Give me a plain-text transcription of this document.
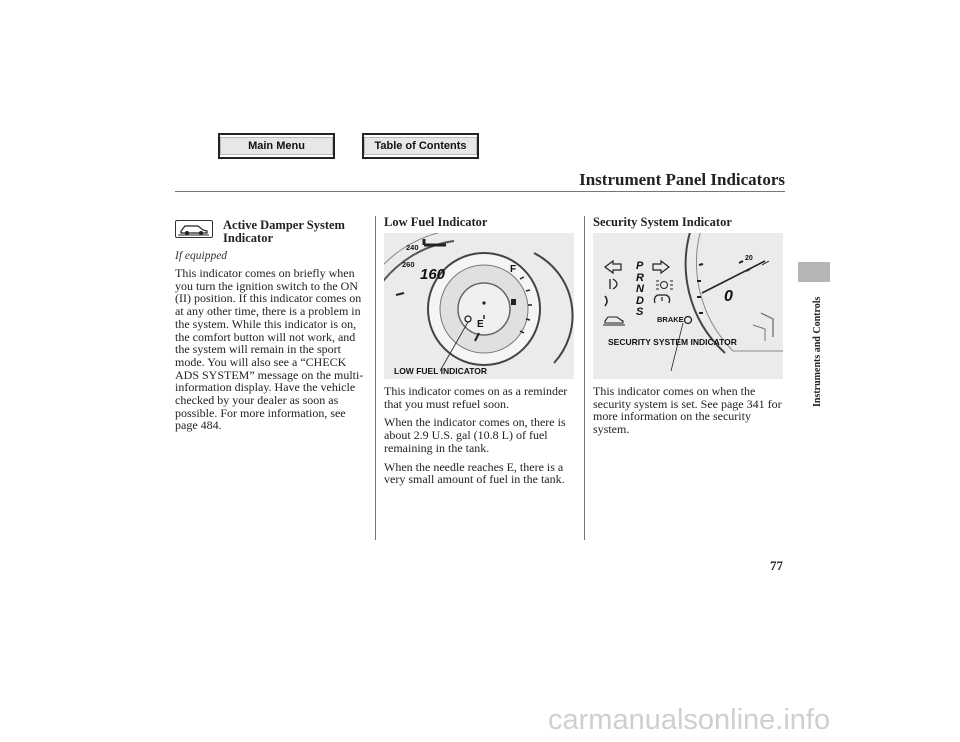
Main Menu	Table of Contents
Instrument Panel Indicators
Instruments and Controls
Active Damper System Indicator
If equipped

This indicator comes on briefly when you turn the ignition switch to the ON (II) position. If this indicator comes on at any other time, there is a problem in the system. While this indicator is on, the comfort button will not work, and the system will remain in the sport mode. You will also see a “CHECK ADS SYSTEM” message on the multi-information display. Have the vehicle checked by your dealer as soon as possible. For more information, see page 484.

Low Fuel Indicator
240
260
160	F
E
LOW FUEL INDICATOR

This indicator comes on as a reminder that you must refuel soon.

When the indicator comes on, there is about 2.9 U.S. gal (10.8 L) of fuel remaining in the tank.

When the needle reaches E, there is a very small amount of fuel in the tank.

Security System Indicator
P
R
N
D
S
BRAKE
20
0
SECURITY SYSTEM INDICATOR

This indicator comes on when the security system is set. See page 341 for more information on the security system.

77
carmanualsonline.info
